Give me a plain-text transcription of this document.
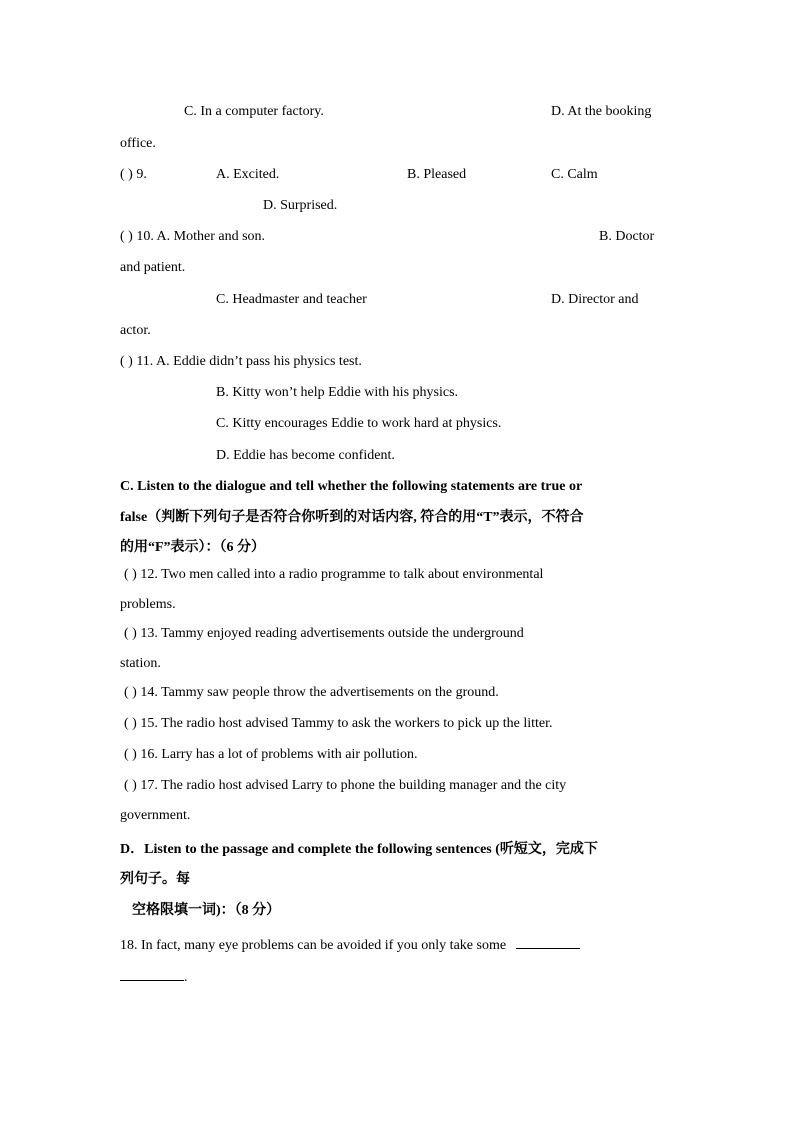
C. In a computer factory.	D. At the booking
office.
( ) 9.	A. Excited.	B. Pleased	C. Calm
D. Surprised.
( ) 10. A. Mother and son.	B. Doctor
and patient.
C. Headmaster and teacher	D. Director and
actor.
( ) 11. A. Eddie didn’t pass his physics test.
B. Kitty won’t help Eddie with his physics.
C. Kitty encourages Eddie to work hard at physics.
D. Eddie has become confident.
C. Listen to the dialogue and tell whether the following statements are true or
false（判断下列句子是否符合你听到的对话内容, 符合的用“T”表示，不符合
的用“F”表示）：（6 分）
( ) 12. Two men called into a radio programme to talk about environmental
problems.
( ) 13. Tammy enjoyed reading advertisements outside the underground
station.
( ) 14. Tammy saw people throw the advertisements on the ground.
( ) 15. The radio host advised Tammy to ask the workers to pick up the litter.
( ) 16. Larry has a lot of problems with air pollution.
( ) 17. The radio host advised Larry to phone the building manager and the city
government.
D．Listen to the passage and complete the following sentences (听短文，完成下
列句子。每
空格限填一词)：（8 分）
18. In fact, many eye problems can be avoided if you only take some
.
